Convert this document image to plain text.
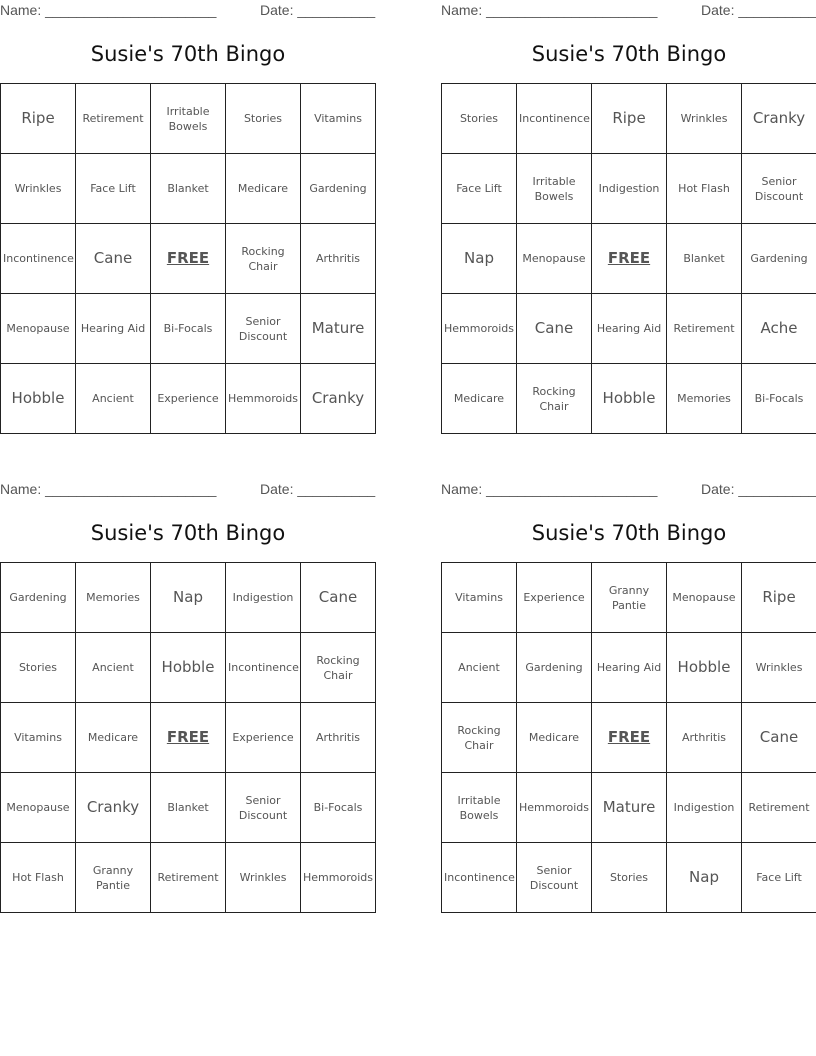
Name: ______________________	Date: __________
Susie's 70th Bingo
Ripe	Retirement	Irritable Bowels	Stories	Vitamins
Wrinkles	Face Lift	Blanket	Medicare	Gardening
Incontinence	Cane	FREE	Rocking Chair	Arthritis
Menopause	Hearing Aid	Bi-Focals	Senior Discount	Mature
Hobble	Ancient	Experience	Hemmoroids	Cranky
Name: ______________________	Date: __________
Susie's 70th Bingo
Stories	Incontinence	Ripe	Wrinkles	Cranky
Face Lift	Irritable Bowels	Indigestion	Hot Flash	Senior Discount
Nap	Menopause	FREE	Blanket	Gardening
Hemmoroids	Cane	Hearing Aid	Retirement	Ache
Medicare	Rocking Chair	Hobble	Memories	Bi-Focals
Name: ______________________	Date: __________
Susie's 70th Bingo
Gardening	Memories	Nap	Indigestion	Cane
Stories	Ancient	Hobble	Incontinence	Rocking Chair
Vitamins	Medicare	FREE	Experience	Arthritis
Menopause	Cranky	Blanket	Senior Discount	Bi-Focals
Hot Flash	Granny Pantie	Retirement	Wrinkles	Hemmoroids
Name: ______________________	Date: __________
Susie's 70th Bingo
Vitamins	Experience	Granny Pantie	Menopause	Ripe
Ancient	Gardening	Hearing Aid	Hobble	Wrinkles
Rocking Chair	Medicare	FREE	Arthritis	Cane
Irritable Bowels	Hemmoroids	Mature	Indigestion	Retirement
Incontinence	Senior Discount	Stories	Nap	Face Lift
